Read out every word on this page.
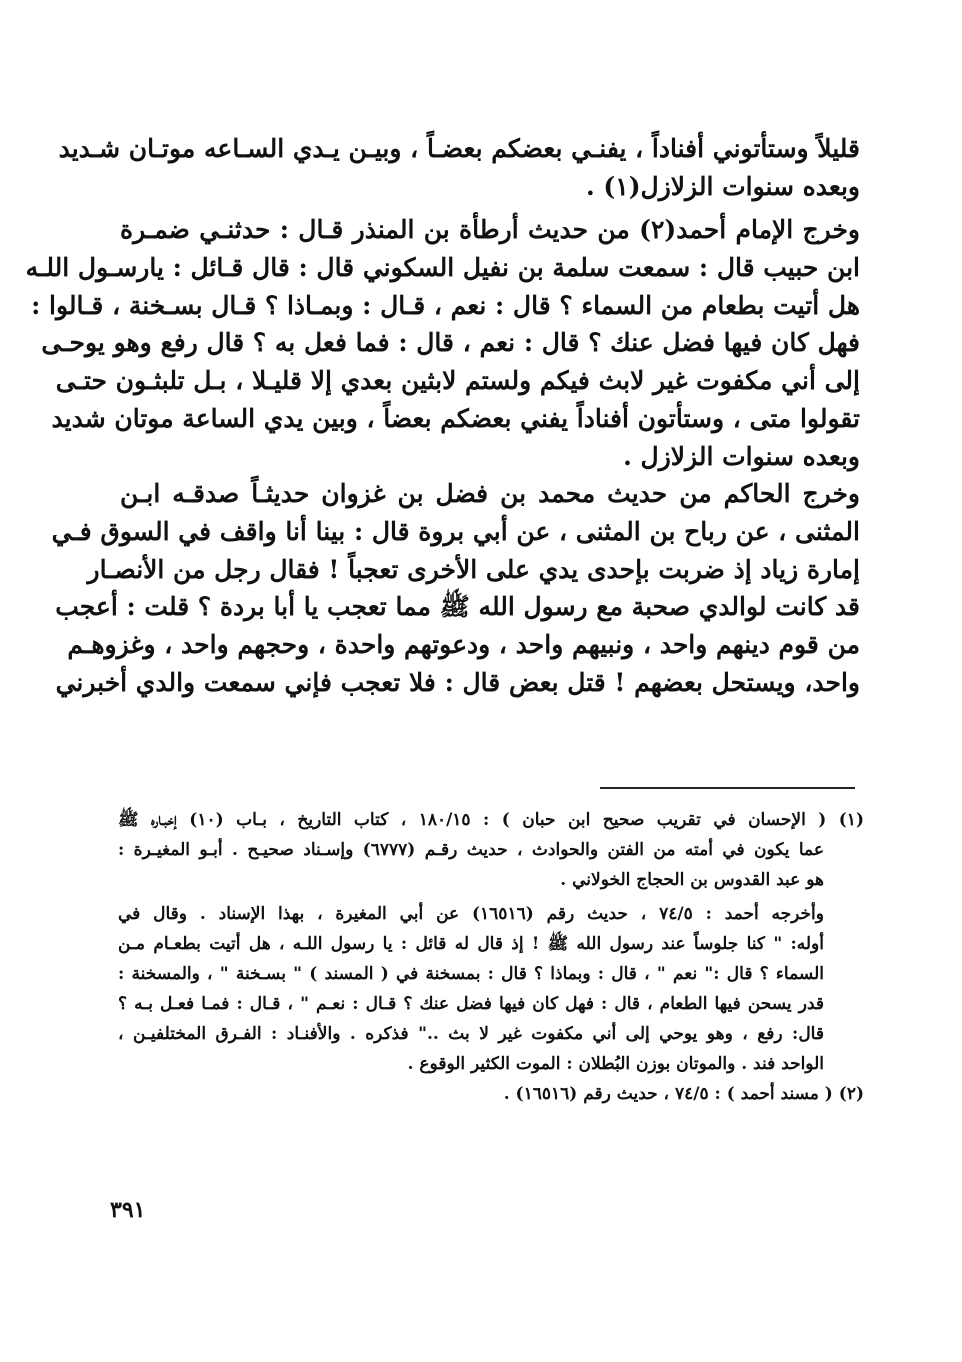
قليلاً وستأتوني أفناداً ، يفنـي بعضكم بعضـاً ، وبيـن يـدي السـاعه موتـان شـديد
وبعده سنوات الزلازل(١) .
وخرج الإمام أحمد(٢) من حديث أرطأة بن المنذر قـال : حدثنـي ضمـرة
ابن حبيب قال : سمعت سلمة بن نفيل السكوني قال : قال قـائل : يارسـول اللـه
هل أتيت بطعام من السماء ؟ قال : نعم ، قـال : وبمـاذا ؟ قـال بسـخنة ، قـالوا :
فهل كان فيها فضل عنك ؟ قال : نعم ، قال : فما فعل به ؟ قال رفع وهو يوحـى
إلى أني مكفوت غير لابث فيكم ولستم لابثين بعدي إلا قليـلا ، بـل تلبثـون حتـى
تقولوا متى ، وستأتون أفناداً يفني بعضكم بعضاً ، وبين يدي الساعة موتان شديد
وبعده سنوات الزلازل .
وخرج الحاكم من حديث محمد بن فضل بن غزوان حديثـاً صدقـه ابـن
المثنى ، عن رباح بن المثنى ، عن أبي بروة قال : بينا أنا واقف في السوق فـي
إمارة زياد إذ ضربت بإحدى يدي على الأخرى تعجباً ! فقال رجل من الأنصـار
قد كانت لوالدي صحبة مع رسول الله ﷺ مما تعجب يا أبا بردة ؟ قلت : أعجب
من قوم دينهم واحد ، ونبيهم واحد ، ودعوتهم واحدة ، وحجهم واحد ، وغزوهـم
واحد، ويستحل بعضهم ! قتل بعض قال : فلا تعجب فإني سمعت والدي أخبرني
(١) ( الإحسان في تقريب صحيح ابن حبان ) : ١٨٠/١٥ ، كتاب التاريخ ، بـاب (١٠) إخبـاره ﷺ
عما يكون في أمته من الفتن والحوادث ، حديث رقـم (٦٧٧٧) وإسـناد صحيـح . أبـو المغيـرة :
هو عبد القدوس بن الحجاج الخولاني .
وأخرجه أحمد : ٧٤/٥ ، حديث رقم (١٦٥١٦) عن أبي المغيرة ، بهذا الإسناد . وقال في
أوله: " كنا جلوساً عند رسول الله ﷺ ! إذ قال له قائل : يا رسول اللـه ، هل أتيت بطعـام مـن
السماء ؟ قال :" نعم " ، قال : وبماذا ؟ قال : بمسخنة في ( المسند ) " بسـخنة " ، والمسخنة :
قدر يسحن فيها الطعام ، قال : فهل كان فيها فضل عنك ؟ قـال : نعـم " ، قـال : فمـا فعـل بـه ؟
قال: رفع ، وهو يوحي إلى أني مكفوت غير لا بث .." فذكره . والأفنـاد : الفـرق المختلفيـن ،
الواحد فند . والموتان بوزن البُطلان : الموت الكثير الوقوع .
(٢) ( مسند أحمد ) : ٧٤/٥ ، حديث رقم (١٦٥١٦) .
٣٩١
